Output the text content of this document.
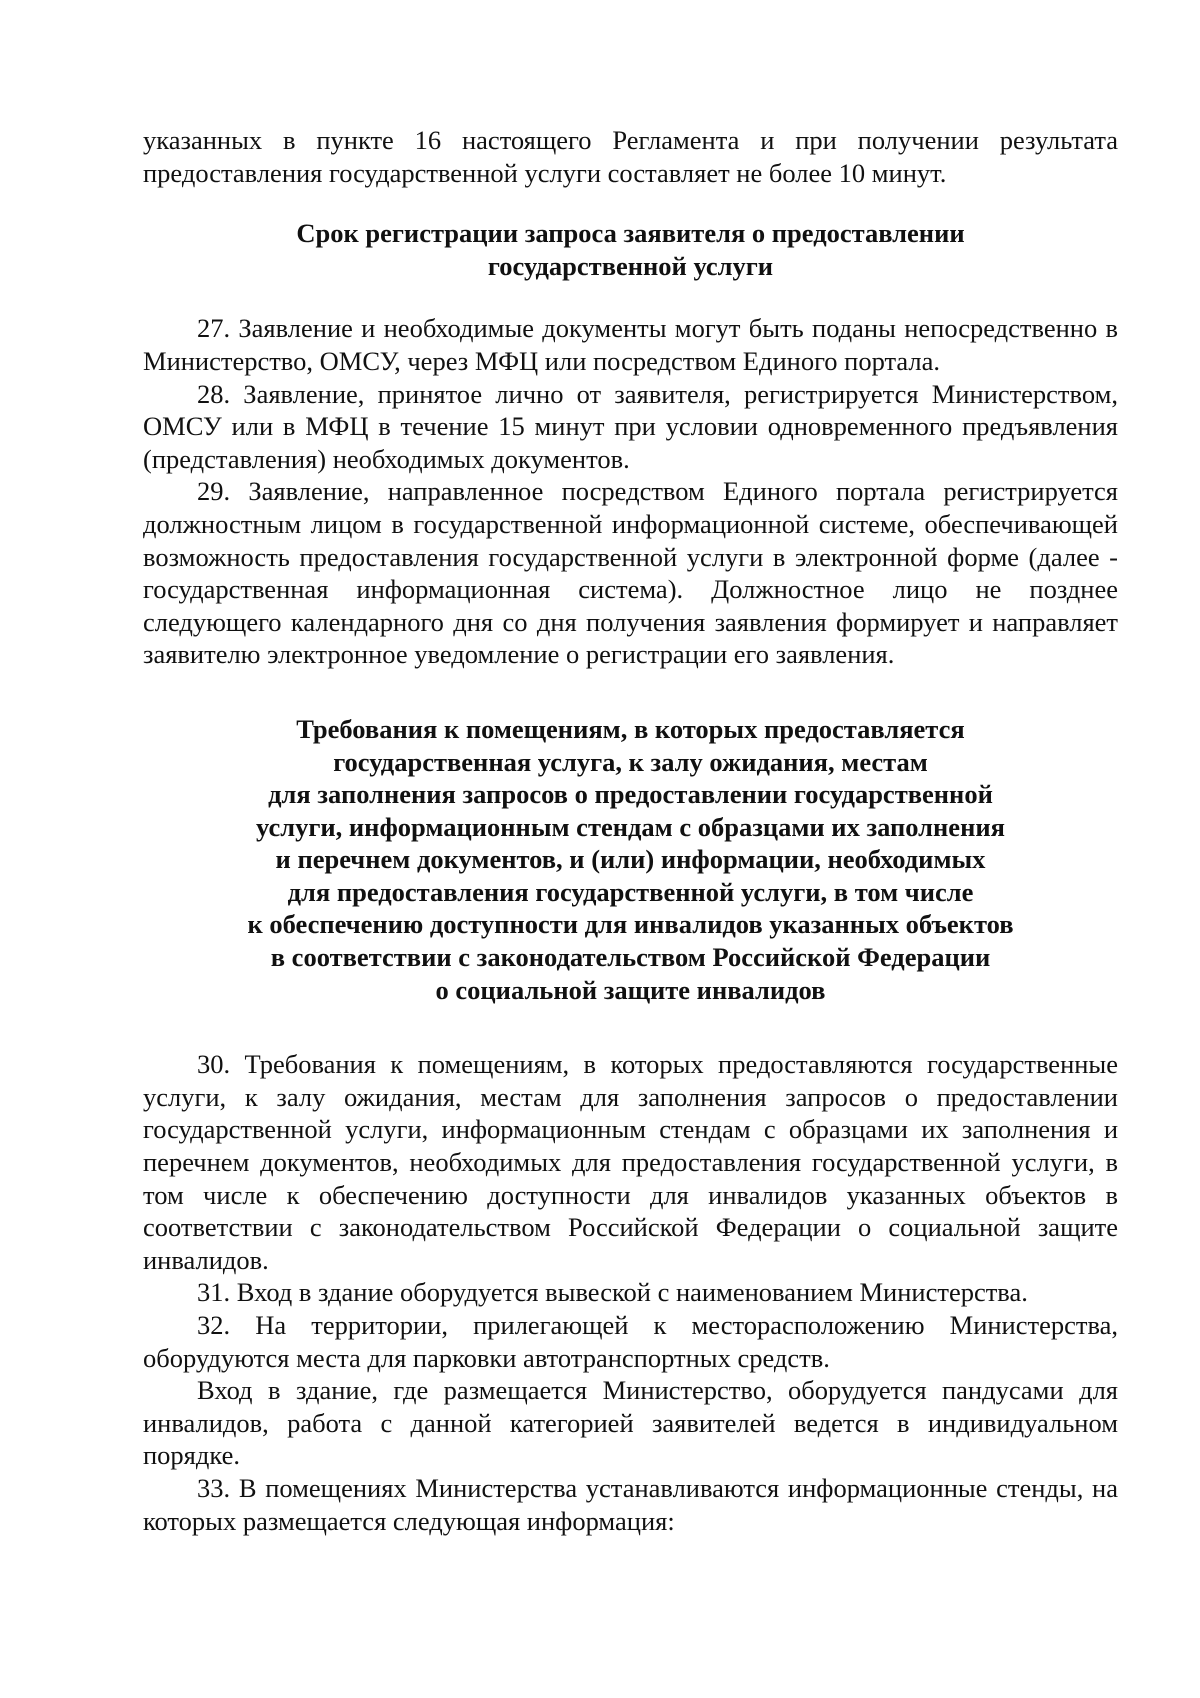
указанных в пункте 16 настоящего Регламента и при получении результата предоставления государственной услуги составляет не более 10 минут.

Срок регистрации запроса заявителя о предоставлении
государственной услуги

27. Заявление и необходимые документы могут быть поданы непосредственно в Министерство, ОМСУ, через МФЦ или посредством Единого портала.

28. Заявление, принятое лично от заявителя, регистрируется Министерством, ОМСУ или в МФЦ в течение 15 минут при условии одновременного предъявления (представления) необходимых документов.

29. Заявление, направленное посредством Единого портала регистрируется должностным лицом в государственной информационной системе, обеспечивающей возможность предоставления государственной услуги в электронной форме (далее - государственная информационная система). Должностное лицо не позднее следующего календарного дня со дня получения заявления формирует и направляет заявителю электронное уведомление о регистрации его заявления.

Требования к помещениям, в которых предоставляется
государственная услуга, к залу ожидания, местам
для заполнения запросов о предоставлении государственной
услуги, информационным стендам с образцами их заполнения
и перечнем документов, и (или) информации, необходимых
для предоставления государственной услуги, в том числе
к обеспечению доступности для инвалидов указанных объектов
в соответствии с законодательством Российской Федерации
о социальной защите инвалидов

30. Требования к помещениям, в которых предоставляются государственные услуги, к залу ожидания, местам для заполнения запросов о предоставлении государственной услуги, информационным стендам с образцами их заполнения и перечнем документов, необходимых для предоставления государственной услуги, в том числе к обеспечению доступности для инвалидов указанных объектов в соответствии с законодательством Российской Федерации о социальной защите инвалидов.

31. Вход в здание оборудуется вывеской с наименованием Министерства.

32. На территории, прилегающей к месторасположению Министерства, оборудуются места для парковки автотранспортных средств.

Вход в здание, где размещается Министерство, оборудуется пандусами для инвалидов, работа с данной категорией заявителей ведется в индивидуальном порядке.

33. В помещениях Министерства устанавливаются информационные стенды, на которых размещается следующая информация:
